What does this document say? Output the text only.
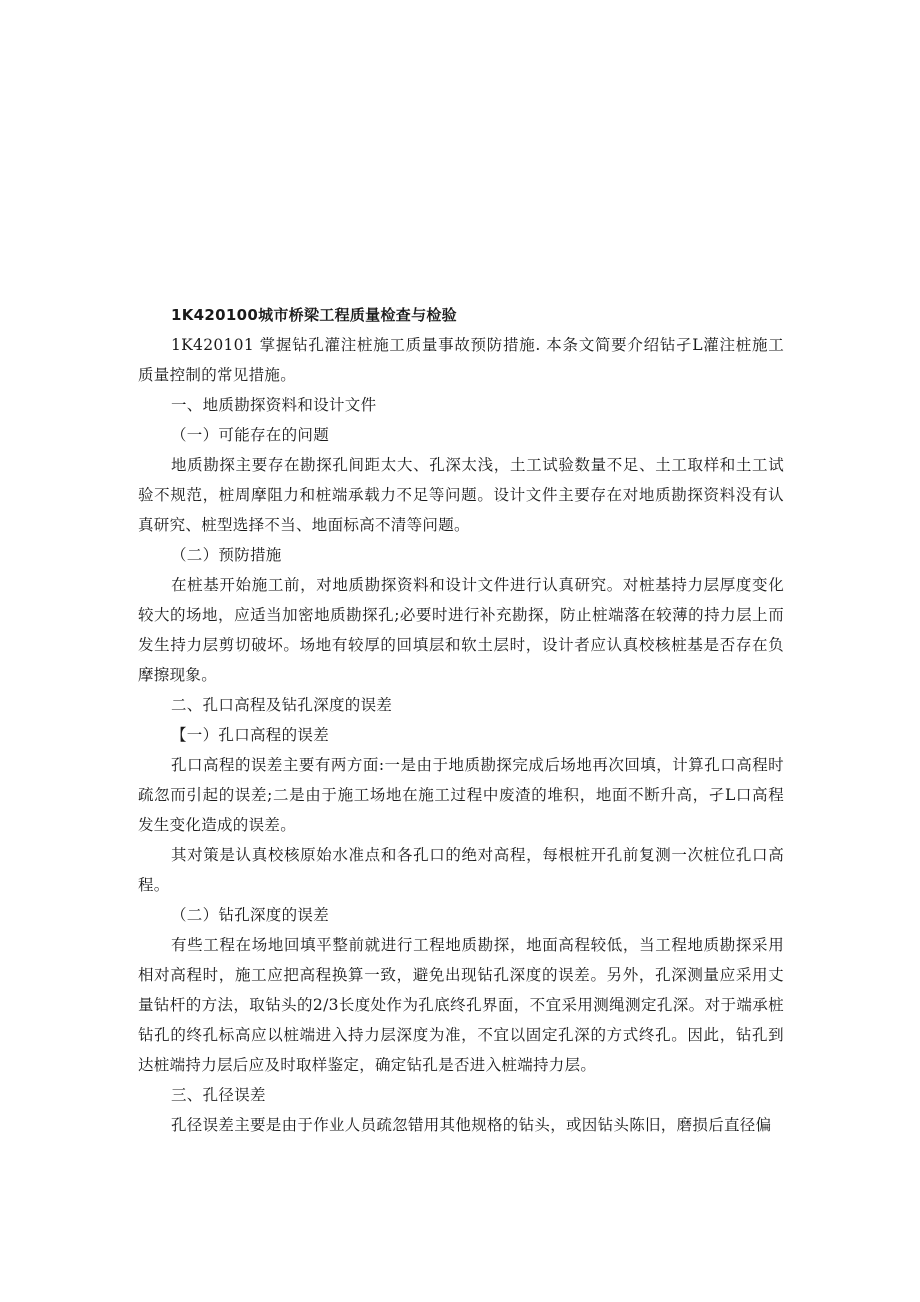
1K420100城市桥梁工程质量检查与检验

1K420101 掌握钻孔灌注桩施工质量事故预防措施. 本条文简要介绍钻孑L灌注桩施工质量控制的常见措施。

一、地质勘探资料和设计文件

（一）可能存在的问题

地质勘探主要存在勘探孔间距太大、孔深太浅，土工试验数量不足、土工取样和土工试验不规范，桩周摩阻力和桩端承载力不足等问题。设计文件主要存在对地质勘探资料没有认真研究、桩型选择不当、地面标高不清等问题。

（二）预防措施

在桩基开始施工前，对地质勘探资料和设计文件进行认真研究。对桩基持力层厚度变化较大的场地，应适当加密地质勘探孔;必要时进行补充勘探，防止桩端落在较薄的持力层上而发生持力层剪切破坏。场地有较厚的回填层和软土层时，设计者应认真校核桩基是否存在负摩擦现象。

二、孔口高程及钻孔深度的误差

【一）孔口高程的误差

孔口高程的误差主要有两方面:一是由于地质勘探完成后场地再次回填，计算孔口高程时疏忽而引起的误差;二是由于施工场地在施工过程中废渣的堆积，地面不断升高，孑L口高程发生变化造成的误差。

其对策是认真校核原始水准点和各孔口的绝对高程，每根桩开孔前复测一次桩位孔口高程。

（二）钻孔深度的误差

有些工程在场地回填平整前就进行工程地质勘探，地面高程较低，当工程地质勘探采用相对高程时，施工应把高程换算一致，避免出现钻孔深度的误差。另外，孔深测量应采用丈量钻杆的方法，取钻头的2/3长度处作为孔底终孔界面，不宜采用测绳测定孔深。对于端承桩钻孔的终孔标高应以桩端进入持力层深度为准，不宜以固定孔深的方式终孔。因此，钻孔到达桩端持力层后应及时取样鉴定，确定钻孔是否进入桩端持力层。

三、孔径误差

孔径误差主要是由于作业人员疏忽错用其他规格的钻头，或因钻头陈旧，磨损后直径偏
